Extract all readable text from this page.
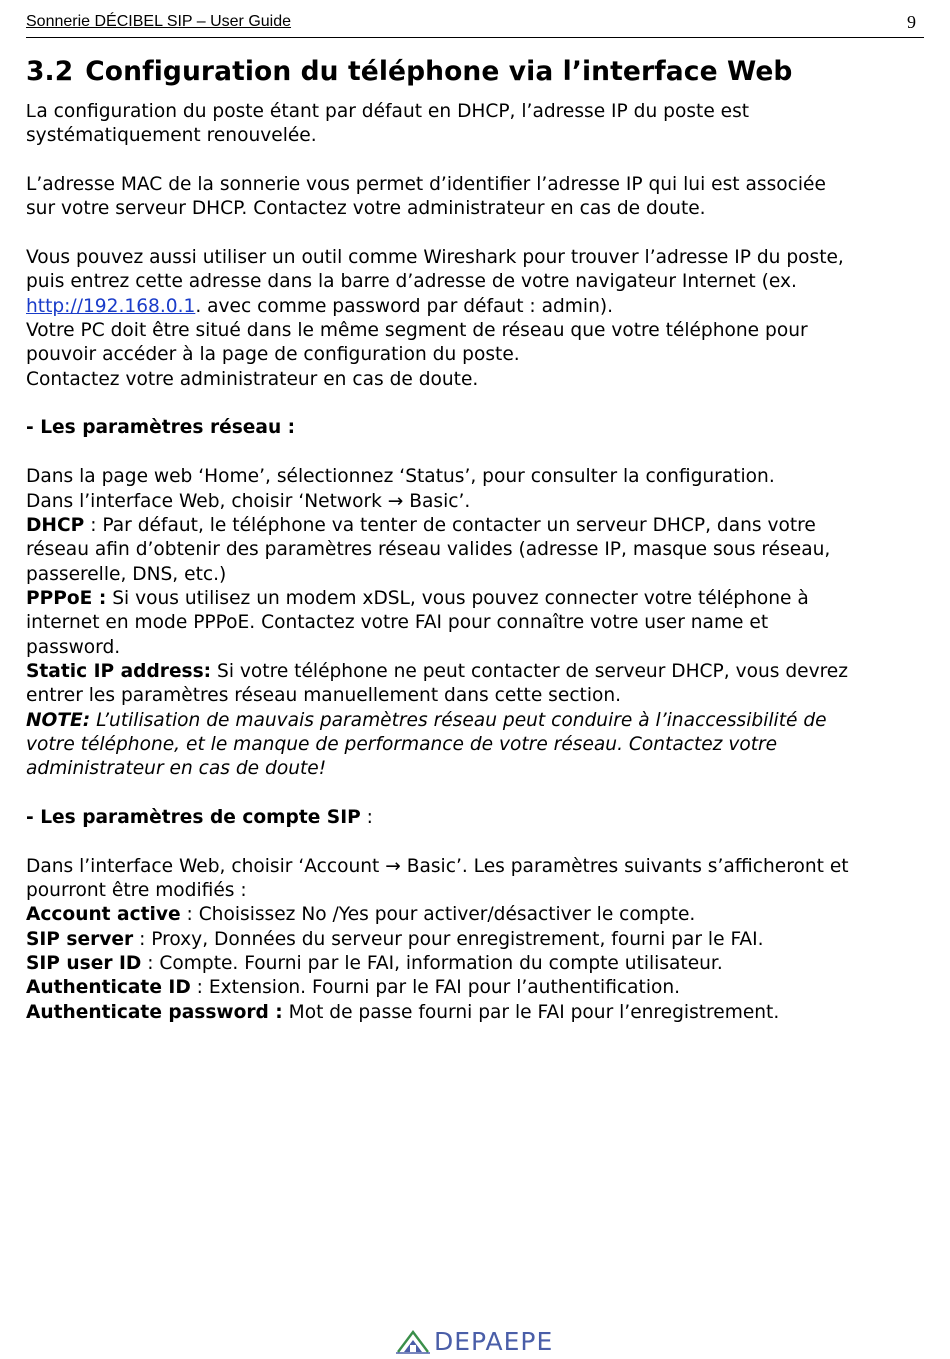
Sonnerie DÉCIBEL SIP – User Guide	9
3.2 Configuration du téléphone via l’interface Web

La configuration du poste étant par défaut en DHCP, l’adresse IP du poste est

systématiquement renouvelée.

L’adresse MAC de la sonnerie vous permet d’identifier l’adresse IP qui lui est associée

sur votre serveur DHCP. Contactez votre administrateur en cas de doute.

Vous pouvez aussi utiliser un outil comme Wireshark pour trouver l’adresse IP du poste,

puis entrez cette adresse dans la barre d’adresse de votre navigateur Internet (ex.

http://192.168.0.1. avec comme password par défaut : admin).

Votre PC doit être situé dans le même segment de réseau que votre téléphone pour

pouvoir accéder à la page de configuration du poste.

Contactez votre administrateur en cas de doute.

- Les paramètres réseau :

Dans la page web ‘Home’, sélectionnez ‘Status’, pour consulter la configuration.

Dans l’interface Web, choisir ‘Network → Basic’.

DHCP : Par défaut, le téléphone va tenter de contacter un serveur DHCP, dans votre

réseau afin d’obtenir des paramètres réseau valides (adresse IP, masque sous réseau,

passerelle, DNS, etc.)

PPPoE : Si vous utilisez un modem xDSL, vous pouvez connecter votre téléphone à

internet en mode PPPoE. Contactez votre FAI pour connaître votre user name et

password.

Static IP address: Si votre téléphone ne peut contacter de serveur DHCP, vous devrez

entrer les paramètres réseau manuellement dans cette section.

NOTE: L’utilisation de mauvais paramètres réseau peut conduire à l’inaccessibilité de

votre téléphone, et le manque de performance de votre réseau. Contactez votre

administrateur en cas de doute!

- Les paramètres de compte SIP :

Dans l’interface Web, choisir ‘Account → Basic’. Les paramètres suivants s’afficheront et

pourront être modifiés :

Account active : Choisissez No /Yes pour activer/désactiver le compte.

SIP server : Proxy, Données du serveur pour enregistrement, fourni par le FAI.

SIP user ID : Compte. Fourni par le FAI, information du compte utilisateur.

Authenticate ID : Extension. Fourni par le FAI pour l’authentification.

Authenticate password : Mot de passe fourni par le FAI pour l’enregistrement.

DEPAEPE
